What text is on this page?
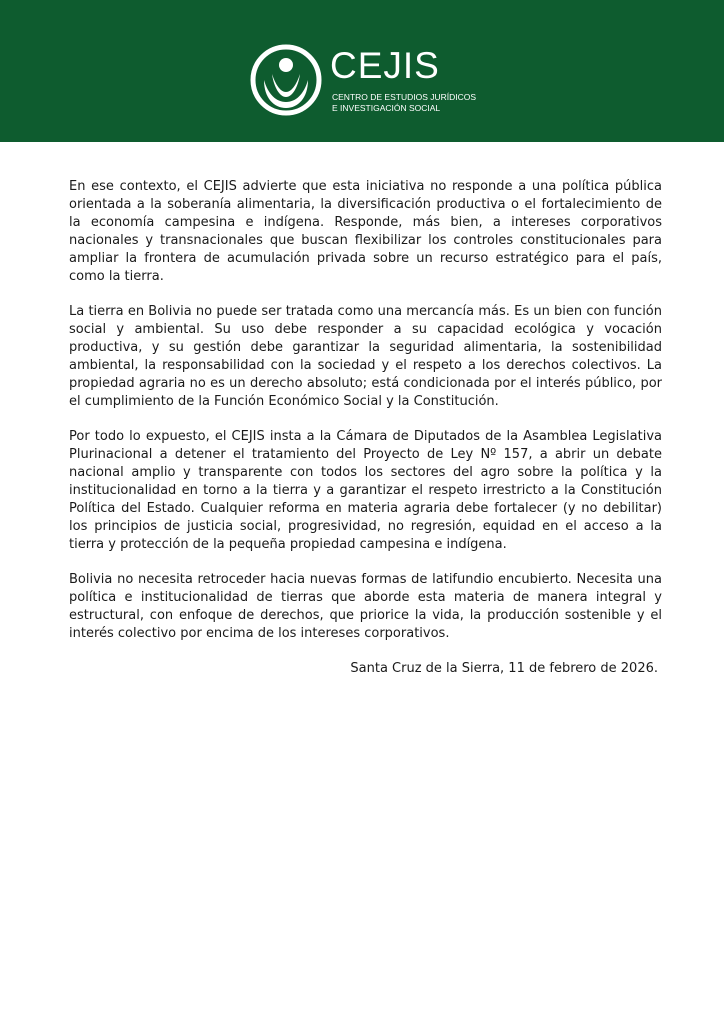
CEJIS
CENTRO DE ESTUDIOS JURÍDICOS
E INVESTIGACIÓN SOCIAL

En ese contexto, el CEJIS advierte que esta iniciativa no responde a una política pública orientada a la soberanía alimentaria, la diversificación productiva o el fortalecimiento de la economía campesina e indígena. Responde, más bien, a intereses corporativos nacionales y transnacionales que buscan flexibilizar los controles constitucionales para ampliar la frontera de acumulación privada sobre un recurso estratégico para el país, como la tierra.

La tierra en Bolivia no puede ser tratada como una mercancía más. Es un bien con función social y ambiental. Su uso debe responder a su capacidad ecológica y vocación productiva, y su gestión debe garantizar la seguridad alimentaria, la sostenibilidad ambiental, la responsabilidad con la sociedad y el respeto a los derechos colectivos. La propiedad agraria no es un derecho absoluto; está condicionada por el interés público, por el cumplimiento de la Función Económico Social y la Constitución.

Por todo lo expuesto, el CEJIS insta a la Cámara de Diputados de la Asamblea Legislativa Plurinacional a detener el tratamiento del Proyecto de Ley Nº 157, a abrir un debate nacional amplio y transparente con todos los sectores del agro sobre la política y la institucionalidad en torno a la tierra y a garantizar el respeto irrestricto a la Constitución Política del Estado. Cualquier reforma en materia agraria debe fortalecer (y no debilitar) los principios de justicia social, progresividad, no regresión, equidad en el acceso a la tierra y protección de la pequeña propiedad campesina e indígena.

Bolivia no necesita retroceder hacia nuevas formas de latifundio encubierto. Necesita una política e institucionalidad de tierras que aborde esta materia de manera integral y estructural, con enfoque de derechos, que priorice la vida, la producción sostenible y el interés colectivo por encima de los intereses corporativos.

Santa Cruz de la Sierra, 11 de febrero de 2026.
